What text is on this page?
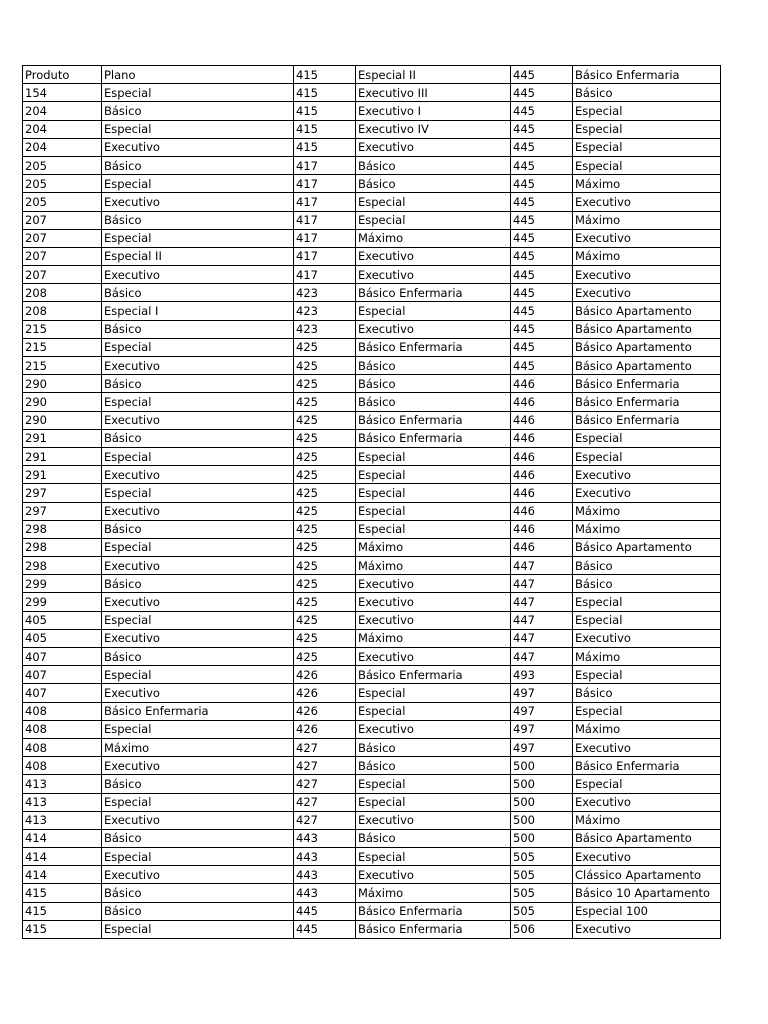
Produto	Plano	415	Especial II	445	Básico Enfermaria
154	Especial	415	Executivo III	445	Básico
204	Básico	415	Executivo I	445	Especial
204	Especial	415	Executivo IV	445	Especial
204	Executivo	415	Executivo	445	Especial
205	Básico	417	Básico	445	Especial
205	Especial	417	Básico	445	Máximo
205	Executivo	417	Especial	445	Executivo
207	Básico	417	Especial	445	Máximo
207	Especial	417	Máximo	445	Executivo
207	Especial II	417	Executivo	445	Máximo
207	Executivo	417	Executivo	445	Executivo
208	Básico	423	Básico Enfermaria	445	Executivo
208	Especial I	423	Especial	445	Básico Apartamento
215	Básico	423	Executivo	445	Básico Apartamento
215	Especial	425	Básico Enfermaria	445	Básico Apartamento
215	Executivo	425	Básico	445	Básico Apartamento
290	Básico	425	Básico	446	Básico Enfermaria
290	Especial	425	Básico	446	Básico Enfermaria
290	Executivo	425	Básico Enfermaria	446	Básico Enfermaria
291	Básico	425	Básico Enfermaria	446	Especial
291	Especial	425	Especial	446	Especial
291	Executivo	425	Especial	446	Executivo
297	Especial	425	Especial	446	Executivo
297	Executivo	425	Especial	446	Máximo
298	Básico	425	Especial	446	Máximo
298	Especial	425	Máximo	446	Básico Apartamento
298	Executivo	425	Máximo	447	Básico
299	Básico	425	Executivo	447	Básico
299	Executivo	425	Executivo	447	Especial
405	Especial	425	Executivo	447	Especial
405	Executivo	425	Máximo	447	Executivo
407	Básico	425	Executivo	447	Máximo
407	Especial	426	Básico Enfermaria	493	Especial
407	Executivo	426	Especial	497	Básico
408	Básico Enfermaria	426	Especial	497	Especial
408	Especial	426	Executivo	497	Máximo
408	Máximo	427	Básico	497	Executivo
408	Executivo	427	Básico	500	Básico Enfermaria
413	Básico	427	Especial	500	Especial
413	Especial	427	Especial	500	Executivo
413	Executivo	427	Executivo	500	Máximo
414	Básico	443	Básico	500	Básico Apartamento
414	Especial	443	Especial	505	Executivo
414	Executivo	443	Executivo	505	Clássico Apartamento
415	Básico	443	Máximo	505	Básico 10 Apartamento
415	Básico	445	Básico Enfermaria	505	Especial 100
415	Especial	445	Básico Enfermaria	506	Executivo
